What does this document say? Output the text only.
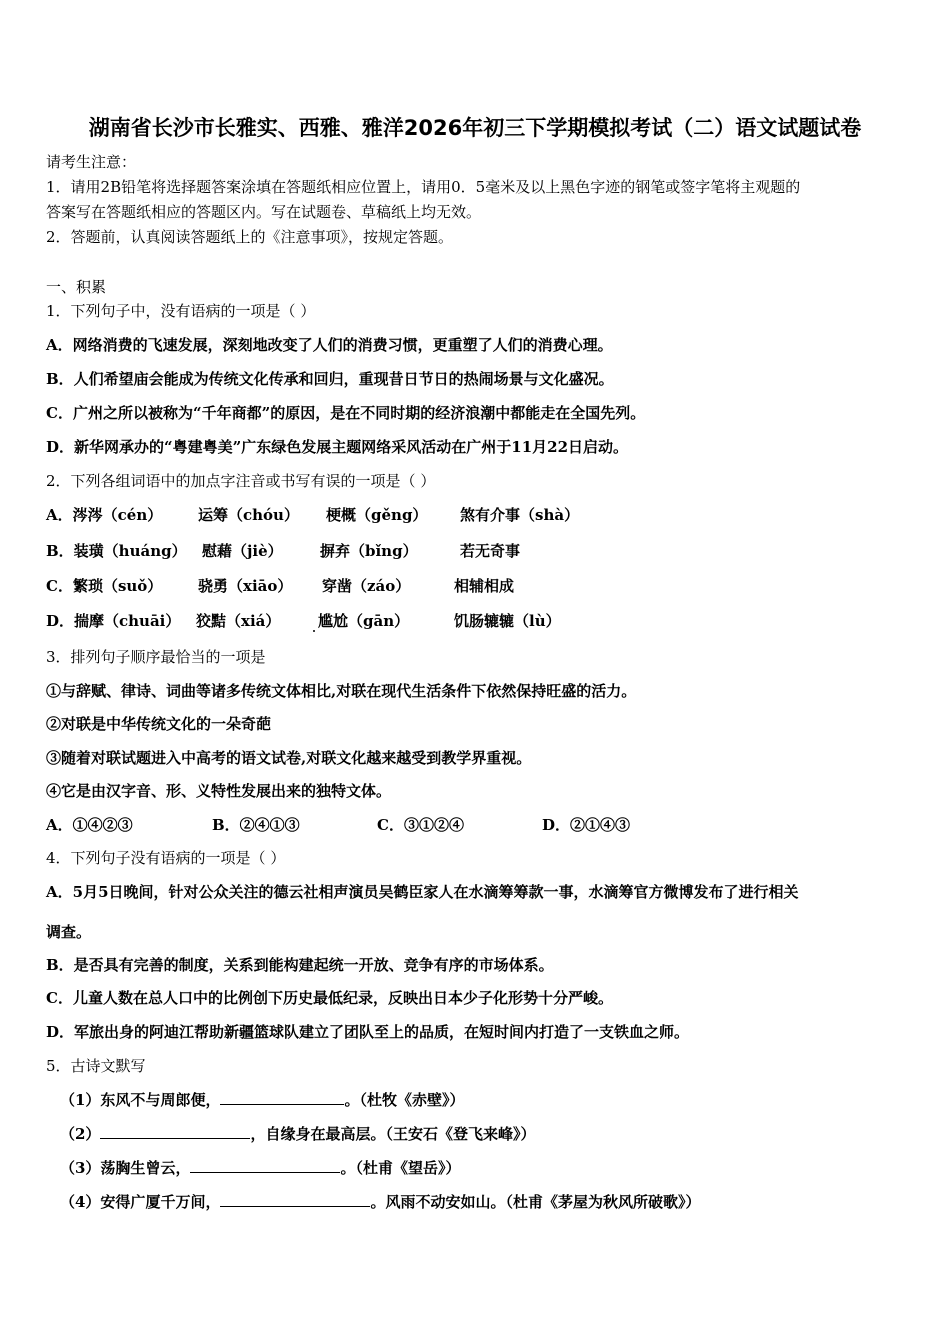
湖南省长沙市长雅实、西雅、雅洋2026年初三下学期模拟考试（二）语文试题试卷
请考生注意：
1．请用2B铅笔将选择题答案涂填在答题纸相应位置上，请用0．5毫米及以上黑色字迹的钢笔或签字笔将主观题的
答案写在答题纸相应的答题区内。写在试题卷、草稿纸上均无效。
2．答题前，认真阅读答题纸上的《注意事项》，按规定答题。
一、积累
1．下列句子中，没有语病的一项是（ ）
A．网络消费的飞速发展，深刻地改变了人们的消费习惯，更重塑了人们的消费心理。
B．人们希望庙会能成为传统文化传承和回归，重现昔日节日的热闹场景与文化盛况。
C．广州之所以被称为“千年商都”的原因，是在不同时期的经济浪潮中都能走在全国先列。
D．新华网承办的“粤建粤美”广东绿色发展主题网络采风活动在广州于11月22日启动。
2．下列各组词语中的加点字注音或书写有误的一项是（ ）
A．涔涔（cén） 运筹（chóu） 梗概（gěng） 煞有介事（shà）
B．装璜（huáng） 慰藉（jiè） 摒弃（bǐng）	若无奇事
C．繁琐（suǒ） 骁勇（xiāo） 穿凿（záo）	相辅相成
D．揣摩（chuāi） 狡黠（xiá）	尴尬（gān）	饥肠辘辘（lù）
3．排列句子顺序最恰当的一项是
①与辞赋、律诗、词曲等诸多传统文体相比,对联在现代生活条件下依然保持旺盛的活力。
②对联是中华传统文化的一朵奇葩
③随着对联试题进入中高考的语文试卷,对联文化越来越受到教学界重视。
④它是由汉字音、形、义特性发展出来的独特文体。
A．①④②③	B．②④①③	C．③①②④	D．②①④③
4．下列句子没有语病的一项是（ ）
A．5月5日晚间，针对公众关注的德云社相声演员吴鹤臣家人在水滴筹筹款一事，水滴筹官方微博发布了进行相关
调查。
B．是否具有完善的制度，关系到能构建起统一开放、竞争有序的市场体系。
C．儿童人数在总人口中的比例创下历史最低纪录，反映出日本少子化形势十分严峻。
D．军旅出身的阿迪江帮助新疆篮球队建立了团队至上的品质，在短时间内打造了一支铁血之师。
5．古诗文默写
（1）东风不与周郎便，	。（杜牧《赤壁》）
（2）	，自缘身在最高层。（王安石《登飞来峰》）
（3）荡胸生曾云，	。（杜甫《望岳》）
（4）安得广厦千万间，	。风雨不动安如山。（杜甫《茅屋为秋风所破歌》）
